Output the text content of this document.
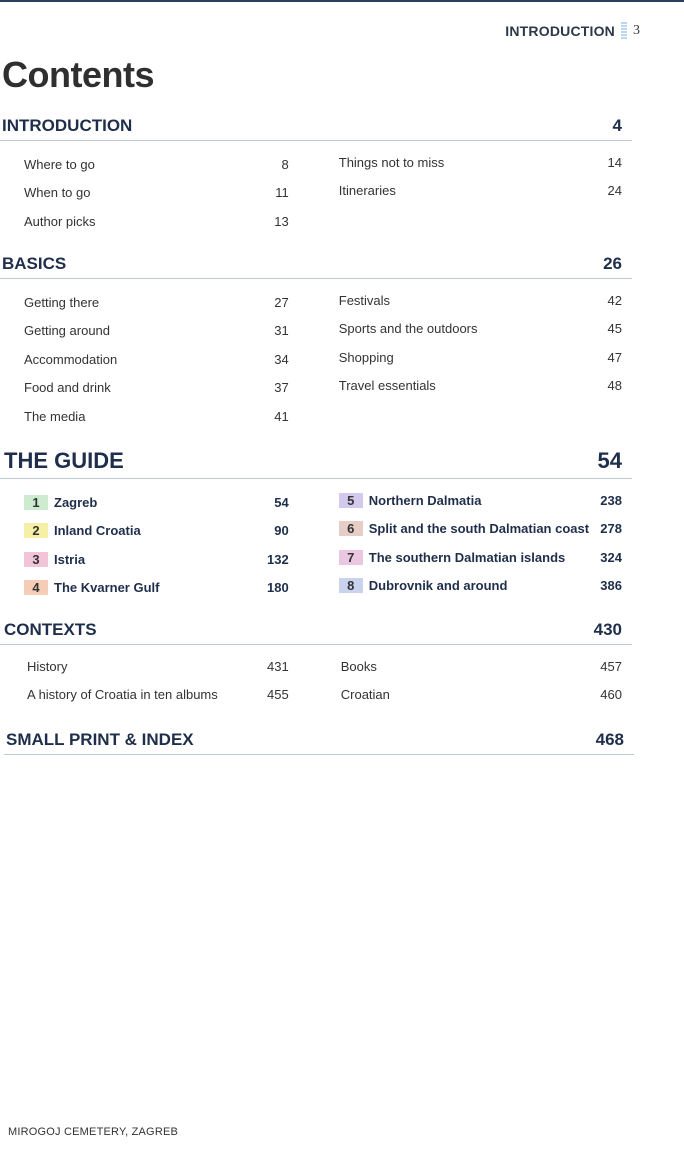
INTRODUCTION 3
Contents
INTRODUCTION	4
Where to go	8
When to go	11
Author picks	13
Things not to miss	14
Itineraries	24
BASICS	26
Getting there	27
Getting around	31
Accommodation	34
Food and drink	37
The media	41
Festivals	42
Sports and the outdoors	45
Shopping	47
Travel essentials	48
THE GUIDE	54
1 Zagreb	54
2 Inland Croatia	90
3 Istria	132
4 The Kvarner Gulf	180
5 Northern Dalmatia	238
6 Split and the south Dalmatian coast 278
7 The southern Dalmatian islands	324
8 Dubrovnik and around	386
CONTEXTS	430
History	431
A history of Croatia in ten albums	455
Books	457
Croatian	460
SMALL PRINT & INDEX	468
MIROGOJ CEMETERY, ZAGREB
